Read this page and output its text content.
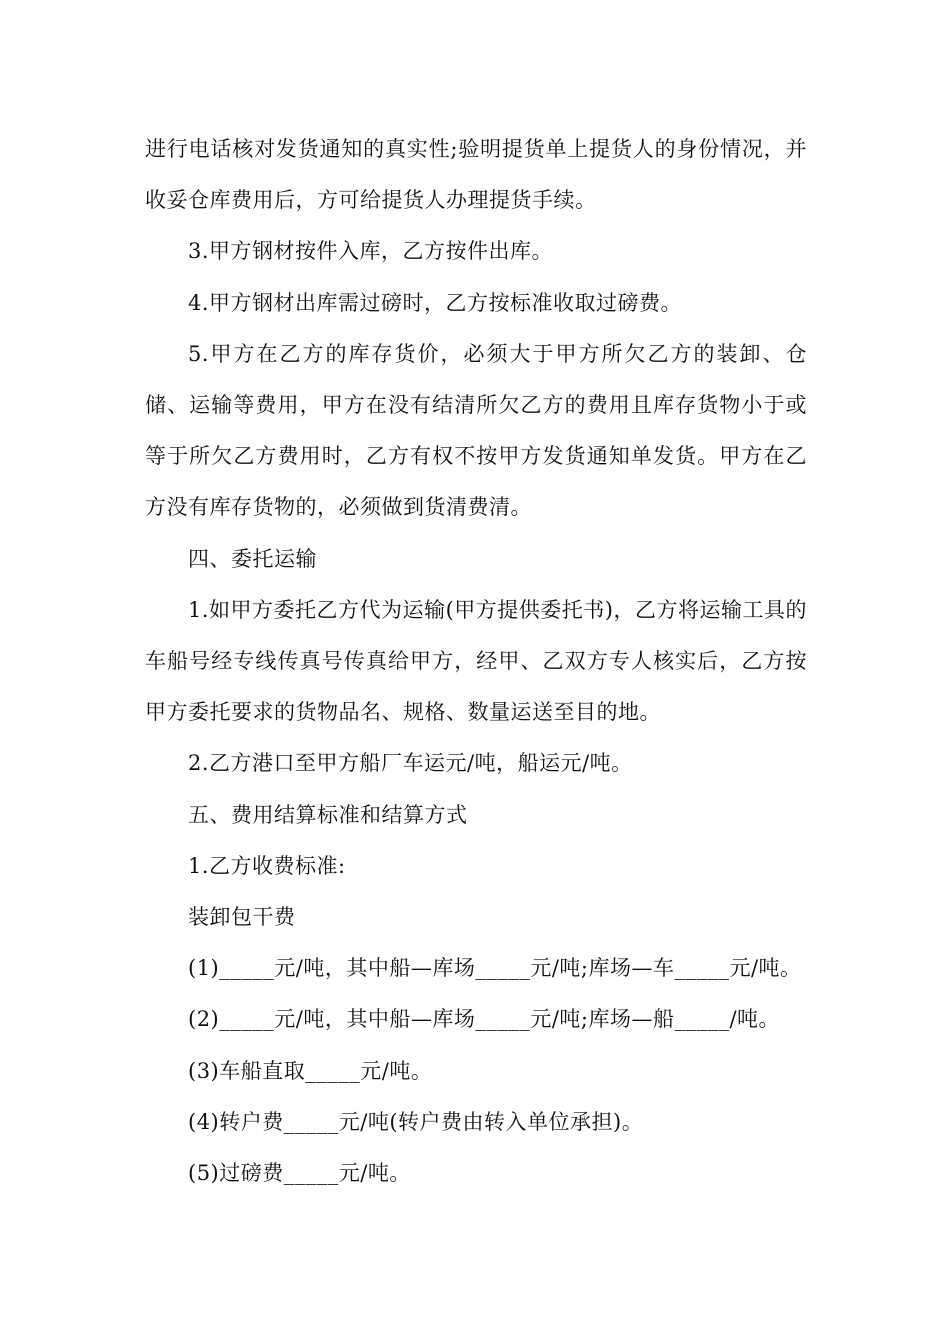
进行电话核对发货通知的真实性;验明提货单上提货人的身份情况，并收妥仓库费用后，方可给提货人办理提货手续。

3.甲方钢材按件入库，乙方按件出库。

4.甲方钢材出库需过磅时，乙方按标准收取过磅费。

5.甲方在乙方的库存货价，必须大于甲方所欠乙方的装卸、仓储、运输等费用，甲方在没有结清所欠乙方的费用且库存货物小于或等于所欠乙方费用时，乙方有权不按甲方发货通知单发货。甲方在乙方没有库存货物的，必须做到货清费清。

四、委托运输

1.如甲方委托乙方代为运输(甲方提供委托书)，乙方将运输工具的车船号经专线传真号传真给甲方，经甲、乙双方专人核实后，乙方按甲方委托要求的货物品名、规格、数量运送至目的地。

2.乙方港口至甲方船厂车运元/吨，船运元/吨。

五、费用结算标准和结算方式

1.乙方收费标准:

装卸包干费

(1)_____元/吨，其中船—库场_____元/吨;库场—车_____元/吨。

(2)_____元/吨，其中船—库场_____元/吨;库场—船_____/吨。

(3)车船直取_____元/吨。

(4)转户费_____元/吨(转户费由转入单位承担)。

(5)过磅费_____元/吨。
